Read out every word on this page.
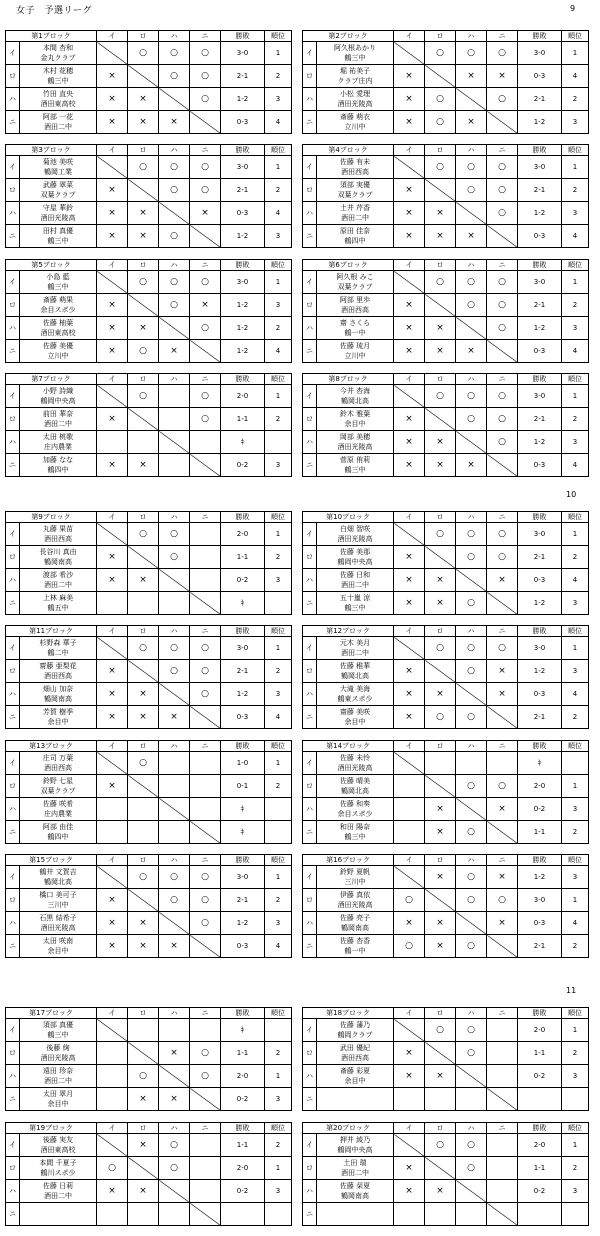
女子　予選リーグ	9
10
11
第1ブロック		イ	ロ	ハ	ニ	勝敗	順位
イ	本間 杏和
金丸クラブ		○	○	○	3-0	1
ロ	木村 花穂
鶴三中	×		○	○	2-1	2
ハ	竹田 直央
酒田東高校	×	×		○	1-2	3
ニ	阿部 一花
酒田二中	×	×	×		0-3	4
第2ブロック		イ	ロ	ハ	ニ	勝敗	順位
イ	阿久根あかり
鶴三中		○	○	○	3-0	1
ロ	堀 祐美子
クラブ庄内	×		×	×	0-3	4
ハ	小松 愛理
酒田光陵高	×	○		○	2-1	2
ニ	斎藤 萌衣
立川中	×	○	×		1-2	3
第3ブロック		イ	ロ	ハ	ニ	勝敗	順位
イ	菊池 美咲
鶴岡工業		○	○	○	3-0	1
ロ	武藤 翠菜
双葉クラブ	×		○	○	2-1	2
ハ	守屋 華鈴
酒田光陵高	×	×		×	0-3	4
ニ	田村 真優
鶴三中	×	×	○		1-2	3
第4ブロック		イ	ロ	ハ	ニ	勝敗	順位
イ	佐藤 有未
酒田西高		○	○	○	3-0	1
ロ	須部 実優
双葉クラブ	×		○	○	2-1	2
ハ	土井 芹香
酒田二中	×	×		○	1-2	3
ニ	原田 佳奈
鶴四中	×	×	×		0-3	4
第5ブロック		イ	ロ	ハ	ニ	勝敗	順位
イ	小島 藍
鶴三中		○	○	○	3-0	1
ロ	斎藤 萌果
余目スポ少	×		○	×	1-2	3
ハ	佐藤 柚葉
酒田東高校	×	×		○	1-2	2
ニ	佐藤 美優
立川中	×	○	×		1-2	4
第6ブロック		イ	ロ	ハ	ニ	勝敗	順位
イ	阿久根 みこ
双葉クラブ		○	○	○	3-0	1
ロ	阿部 里歩
酒田西高	×		○	○	2-1	2
ハ	齋 さくら
鶴一中	×	×		○	1-2	3
ニ	佐藤 琉月
立川中	×	×	×		0-3	4
第7ブロック		イ	ロ	ハ	ニ	勝敗	順位
イ	小野 詩織
鶴岡中央高		○		○	2-0	1
ロ	前田 華奈
酒田二中	×			○	1-1	2
ハ	太田 桃歌
庄内農業					ｷ	
ニ	加藤 なな
鶴四中	×	×			0-2	3
第8ブロック		イ	ロ	ハ	ニ	勝敗	順位
イ	今井 杏海
鶴岡北高		○	○	○	3-0	1
ロ	鈴木 雅葉
余目中	×		○	○	2-1	2
ハ	岡部 美穂
酒田光陵高	×	×		○	1-2	3
ニ	菅原 侑莉
鶴三中	×	×	×		0-3	4
第9ブロック		イ	ロ	ハ	ニ	勝敗	順位
イ	丸藤 果苗
酒田西高		○	○		2-0	1
ロ	長谷川 真由
鶴岡南高	×		○		1-1	2
ハ	渡部 希沙
酒田二中	×	×			0-2	3
ニ	上林 麻美
鶴五中					ｷ	
第10ブロック		イ	ロ	ハ	ニ	勝敗	順位
イ	白畑 智咲
酒田光陵高		○	○	○	3-0	1
ロ	佐藤 美那
鶴岡中央高	×		○	○	2-1	2
ハ	佐藤 日和
酒田二中	×	×		×	0-3	4
ニ	五十嵐 涼
鶴三中	×	×	○		1-2	3
第11ブロック		イ	ロ	ハ	ニ	勝敗	順位
イ	杉野森 華子
鶴二中		○	○	○	3-0	1
ロ	齋藤 亜梨花
酒田西高	×		○	○	2-1	2
ハ	畑山 加奈
鶴岡南高	×	×		○	1-2	3
ニ	芳賀 樹季
余目中	×	×	×		0-3	4
第12ブロック		イ	ロ	ハ	ニ	勝敗	順位
イ	元木 美月
酒田二中		○	○	○	3-0	1
ロ	佐藤 稚華
鶴岡北高	×		○	×	1-2	3
ハ	大滝 美海
鶴東スポ少	×	×		×	0-3	4
ニ	齋藤 美咲
余目中	×	○	○		2-1	2
第13ブロック		イ	ロ	ハ	ニ	勝敗	順位
イ	庄司 万葉
酒田西高		○			1-0	1
ロ	鈴野 七星
双葉クラブ	×				0-1	2
ハ	佐藤 咲希
庄内農業					ｷ	
ニ	阿部 由佳
鶴四中					ｷ	
第14ブロック		イ	ロ	ハ	ニ	勝敗	順位
イ	佐藤 未怜
酒田光陵高					ｷ	
ロ	佐藤 晴美
鶴岡北高			○	○	2-0	1
ハ	佐藤 和奏
余目スポ少		×		×	0-2	3
ニ	和田 陽奈
鶴三中		×	○		1-1	2
第15ブロック		イ	ロ	ハ	ニ	勝敗	順位
イ	鶴井 文賀吉
鶴岡北高		○	○	○	3-0	1
ロ	橋口 美可子
三川中	×		○	○	2-1	2
ハ	石黒 結希子
酒田光陵高	×	×		○	1-2	3
ニ	太田 咲南
余目中	×	×	×		0-3	4
第16ブロック		イ	ロ	ハ	ニ	勝敗	順位
イ	鈴野 夏帆
三川中		×	○	×	1-2	3
ロ	伊藤 真依
酒田光陵高	○		○	○	3-0	1
ハ	佐藤 亮子
鶴岡南高	×	×		×	0-3	4
ニ	佐藤 杏香
鶴一中	○	×	○		2-1	2
第17ブロック		イ	ロ	ハ	ニ	勝敗	順位
イ	須部 真優
鶴三中					ｷ	
ロ	後藤 絢
酒田光陵高			×	○	1-1	2
ハ	遠田 珍奈
酒田二中		○		○	2-0	1
ニ	太田 翠月
余目中		×	×		0-2	3
第18ブロック		イ	ロ	ハ	ニ	勝敗	順位
イ	佐藤 藩乃
鶴岡クラブ		○	○		2-0	1
ロ	武田 優紀
酒田西高	×		○		1-1	2
ハ	斎藤 彩夏
余目中	×	×			0-2	3
ニ	

第19ブロック		イ	ロ	ハ	ニ	勝敗	順位
イ	後藤 実友
酒田東高校		×	○		1-1	2
ロ	本間 千夏子
鶴川スポ少	○		○		2-0	1
ハ	佐藤 日莉
酒田二中	×	×			0-2	3
ニ	

第20ブロック		イ	ロ	ハ	ニ	勝敗	順位
イ	押井 綾乃
鶴岡中央高		○	○		2-0	1
ロ	土田 瑞
酒田二中	×		○		1-1	2
ハ	佐藤 栞夏
鶴岡南高	×	×			0-2	3
ニ	
